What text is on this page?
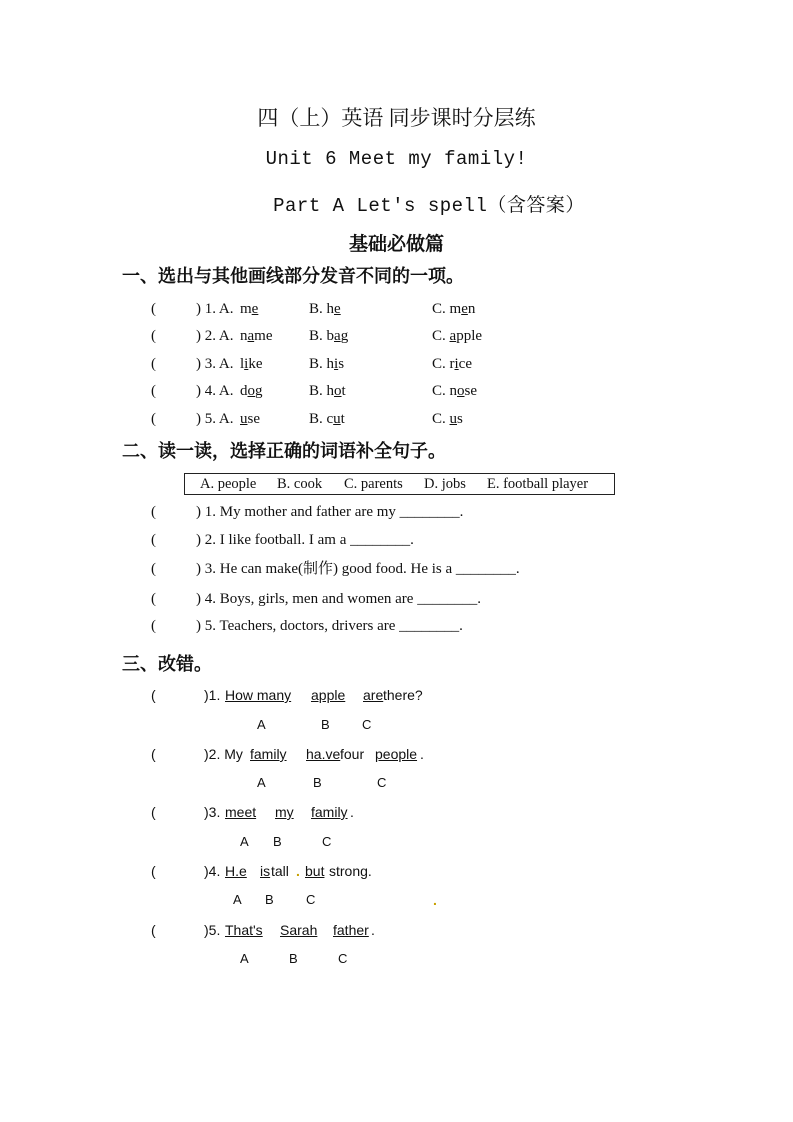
四（上）英语 同步课时分层练
Unit 6 Meet my family!
Part A Let's spell（含答案）
基础必做篇
一、选出与其他画线部分发音不同的一项。
(	) 1. A. me	B. he	C. men
(	) 2. A. name B. bag	C. apple
(	) 3. A. like	B. his	C. rice
(	) 4. A. dog	B. hot	C. nose
(	) 5. A. use	B. cut	C. us
二、读一读，选择正确的词语补全句子。
A. people B. cook C. parents D. jobs E. football player
(	) 1. My mother and father are my ________.
(	) 2. I like football. I am a ________.
(	) 3. He can make(制作) good food. He is a ________.
(	) 4. Boys, girls, men and women are ________.
(	) 5. Teachers, doctors, drivers are ________.
三、改错。
(	)1. How many apple are there?
A	B C
(	)2. My family ha.ve four people .
A	B	C
(	)3. meet my family .
A B	C
(	)4. H.e is tall . but strong.
A B C	.
(	)5. That's Sarah father .
A	B	C
